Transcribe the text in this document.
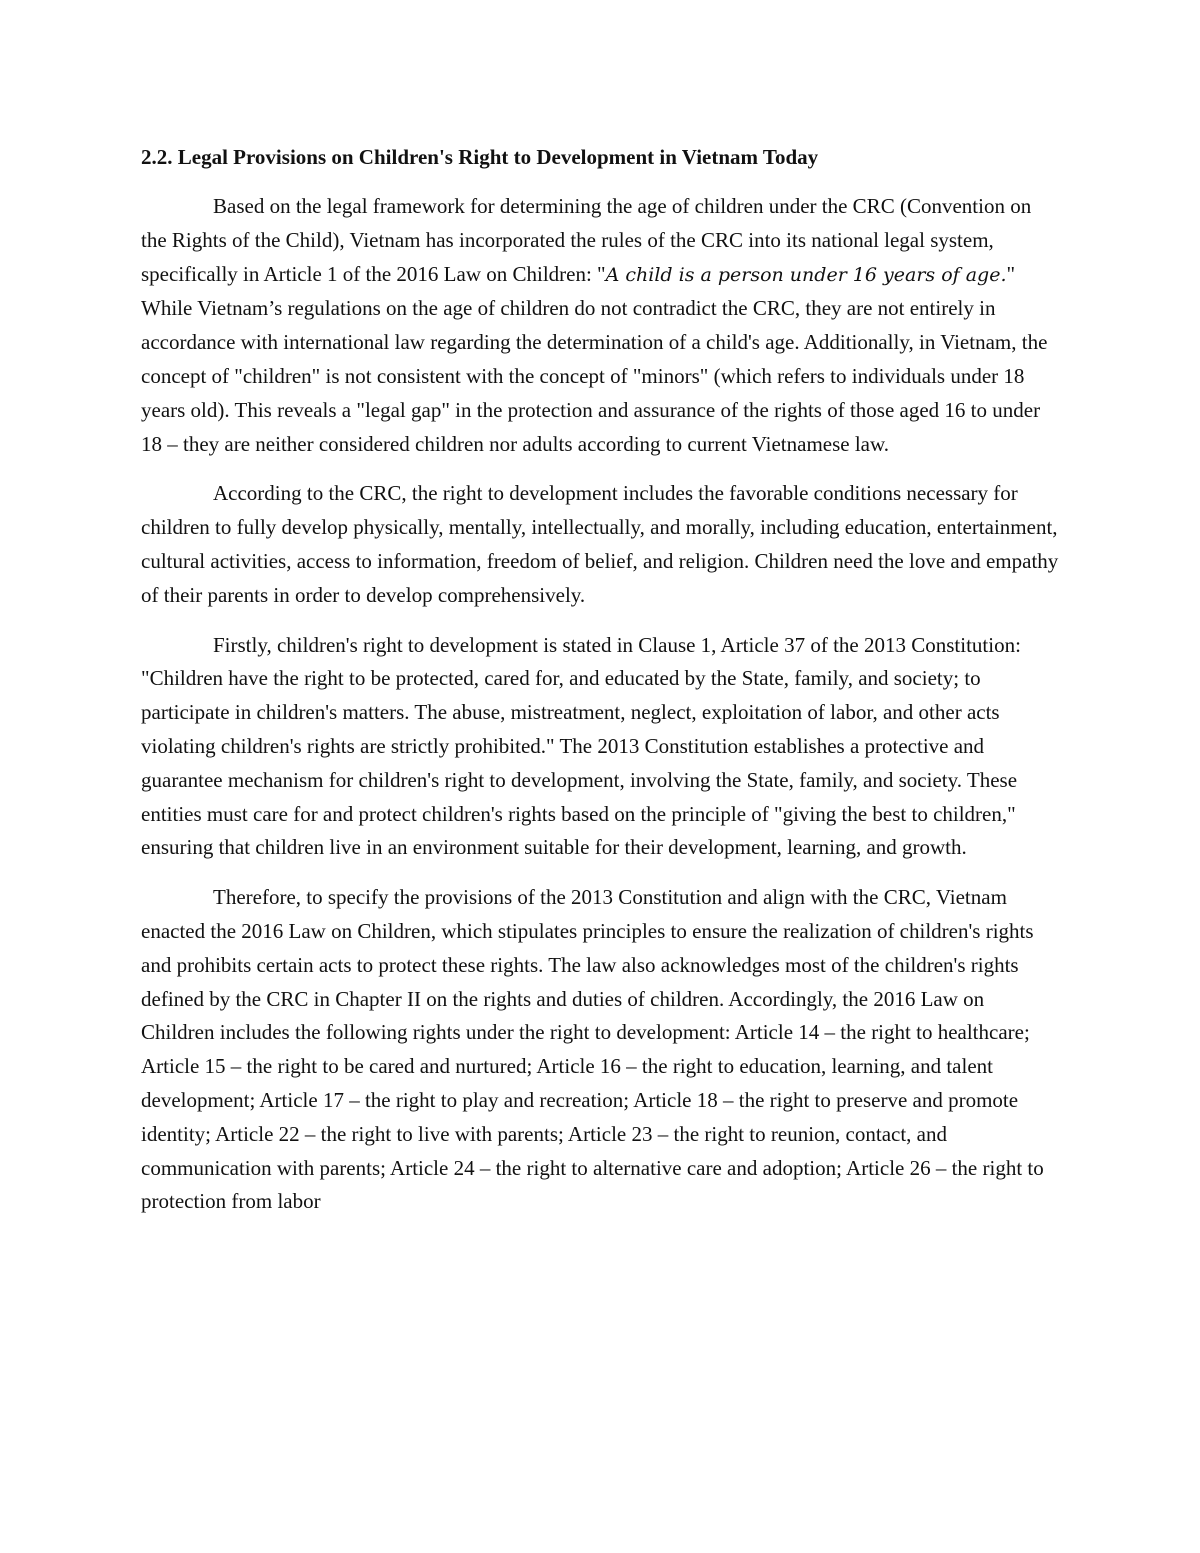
2.2. Legal Provisions on Children's Right to Development in Vietnam Today

Based on the legal framework for determining the age of children under the CRC (Convention on the Rights of the Child), Vietnam has incorporated the rules of the CRC into its national legal system, specifically in Article 1 of the 2016 Law on Children: "A child is a person under 16 years of age." While Vietnam’s regulations on the age of children do not contradict the CRC, they are not entirely in accordance with international law regarding the determination of a child's age. Additionally, in Vietnam, the concept of "children" is not consistent with the concept of "minors" (which refers to individuals under 18 years old). This reveals a "legal gap" in the protection and assurance of the rights of those aged 16 to under 18 – they are neither considered children nor adults according to current Vietnamese law.

According to the CRC, the right to development includes the favorable conditions necessary for children to fully develop physically, mentally, intellectually, and morally, including education, entertainment, cultural activities, access to information, freedom of belief, and religion. Children need the love and empathy of their parents in order to develop comprehensively.

Firstly, children's right to development is stated in Clause 1, Article 37 of the 2013 Constitution: "Children have the right to be protected, cared for, and educated by the State, family, and society; to participate in children's matters. The abuse, mistreatment, neglect, exploitation of labor, and other acts violating children's rights are strictly prohibited." The 2013 Constitution establishes a protective and guarantee mechanism for children's right to development, involving the State, family, and society. These entities must care for and protect children's rights based on the principle of "giving the best to children," ensuring that children live in an environment suitable for their development, learning, and growth.

Therefore, to specify the provisions of the 2013 Constitution and align with the CRC, Vietnam enacted the 2016 Law on Children, which stipulates principles to ensure the realization of children's rights and prohibits certain acts to protect these rights. The law also acknowledges most of the children's rights defined by the CRC in Chapter II on the rights and duties of children. Accordingly, the 2016 Law on Children includes the following rights under the right to development: Article 14 – the right to healthcare; Article 15 – the right to be cared and nurtured; Article 16 – the right to education, learning, and talent development; Article 17 – the right to play and recreation; Article 18 – the right to preserve and promote identity; Article 22 – the right to live with parents; Article 23 – the right to reunion, contact, and communication with parents; Article 24 – the right to alternative care and adoption; Article 26 – the right to protection from labor
